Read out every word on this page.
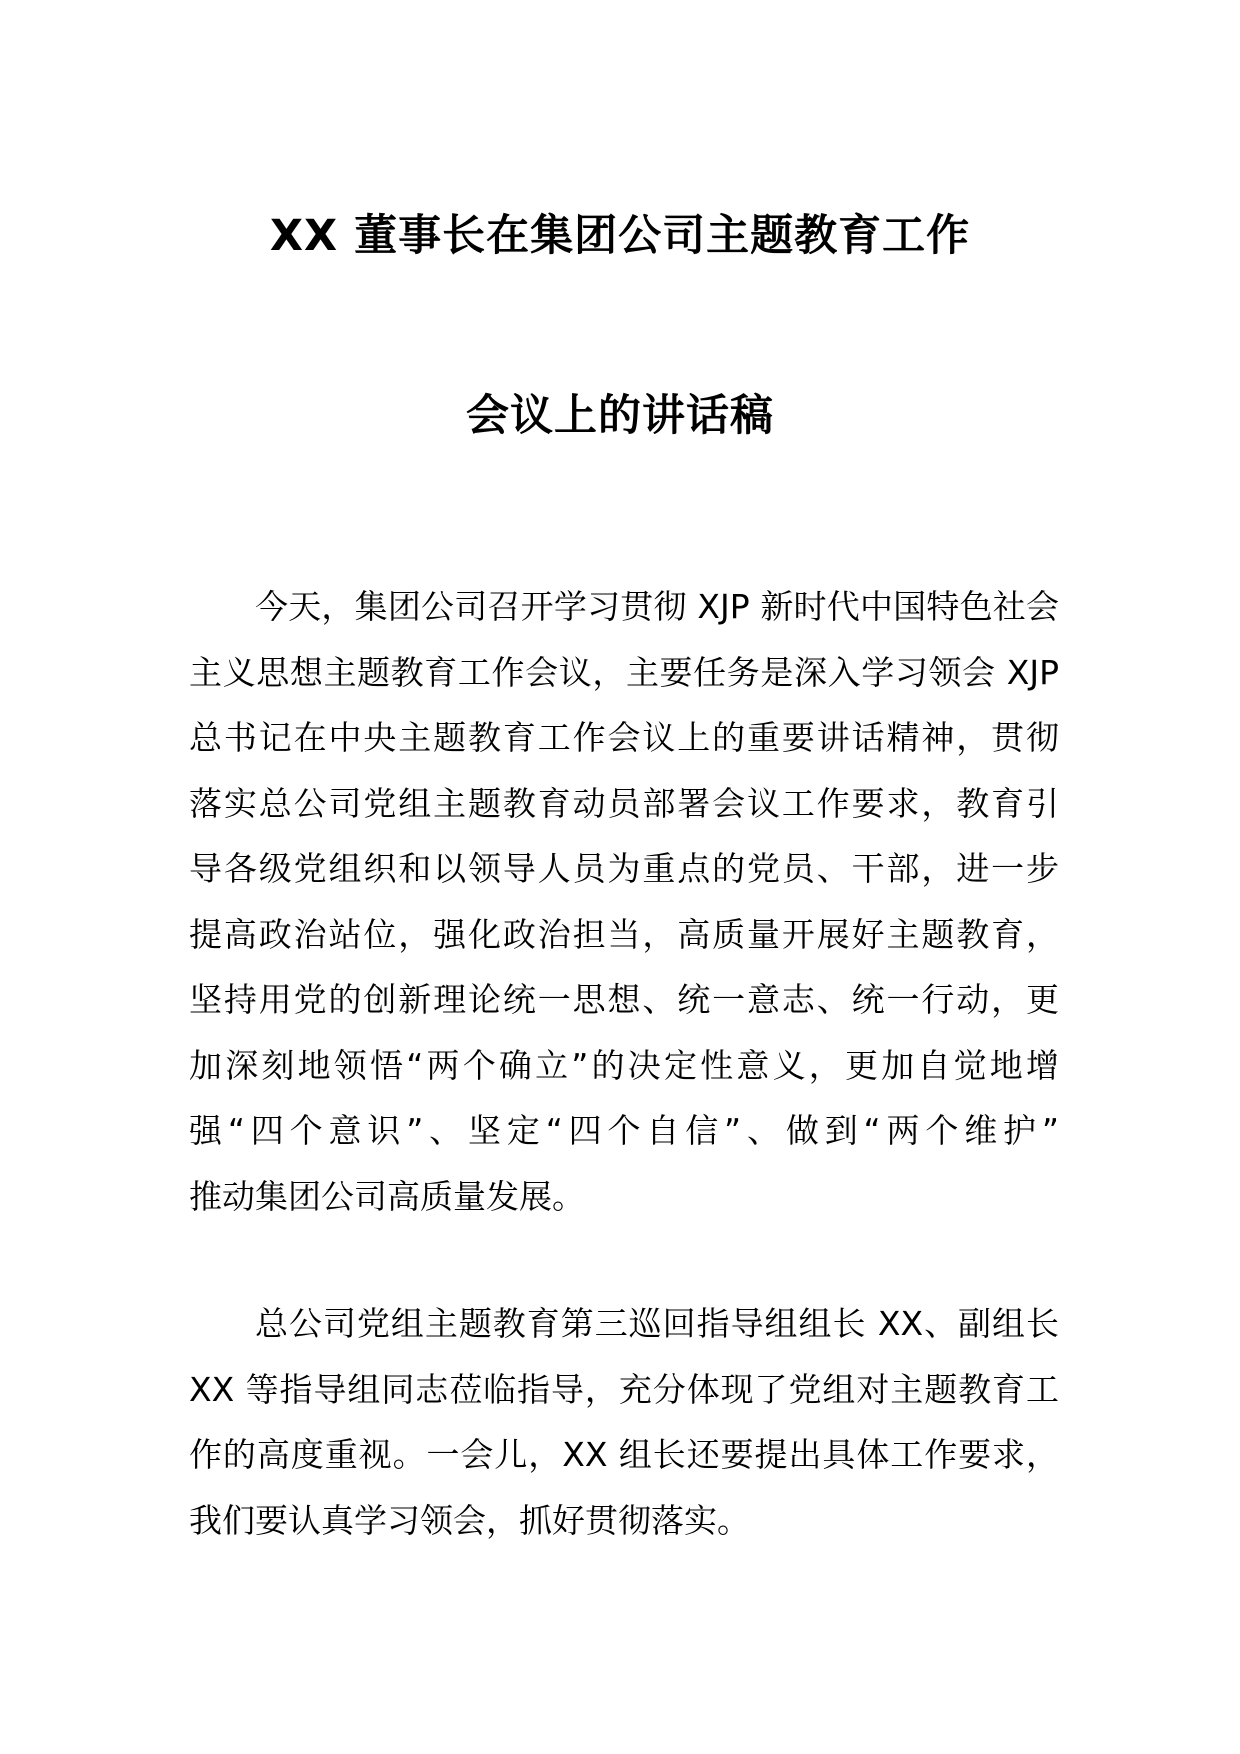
XX 董事长在集团公司主题教育工作
会议上的讲话稿
今天，集团公司召开学习贯彻 XJP 新时代中国特色社会
主义思想主题教育工作会议，主要任务是深入学习领会 XJP
总书记在中央主题教育工作会议上的重要讲话精神，贯彻
落实总公司党组主题教育动员部署会议工作要求，教育引
导各级党组织和以领导人员为重点的党员、干部，进一步
提高政治站位，强化政治担当，高质量开展好主题教育，
坚持用党的创新理论统一思想、统一意志、统一行动，更
加深刻地领悟“两个确立”的决定性意义，更加自觉地增
强“四个意识”、坚定“四个自信”、做到“两个维护”
推动集团公司高质量发展。
总公司党组主题教育第三巡回指导组组长 XX、副组长
XX 等指导组同志莅临指导，充分体现了党组对主题教育工
作的高度重视。一会儿，XX 组长还要提出具体工作要求，
我们要认真学习领会，抓好贯彻落实。
